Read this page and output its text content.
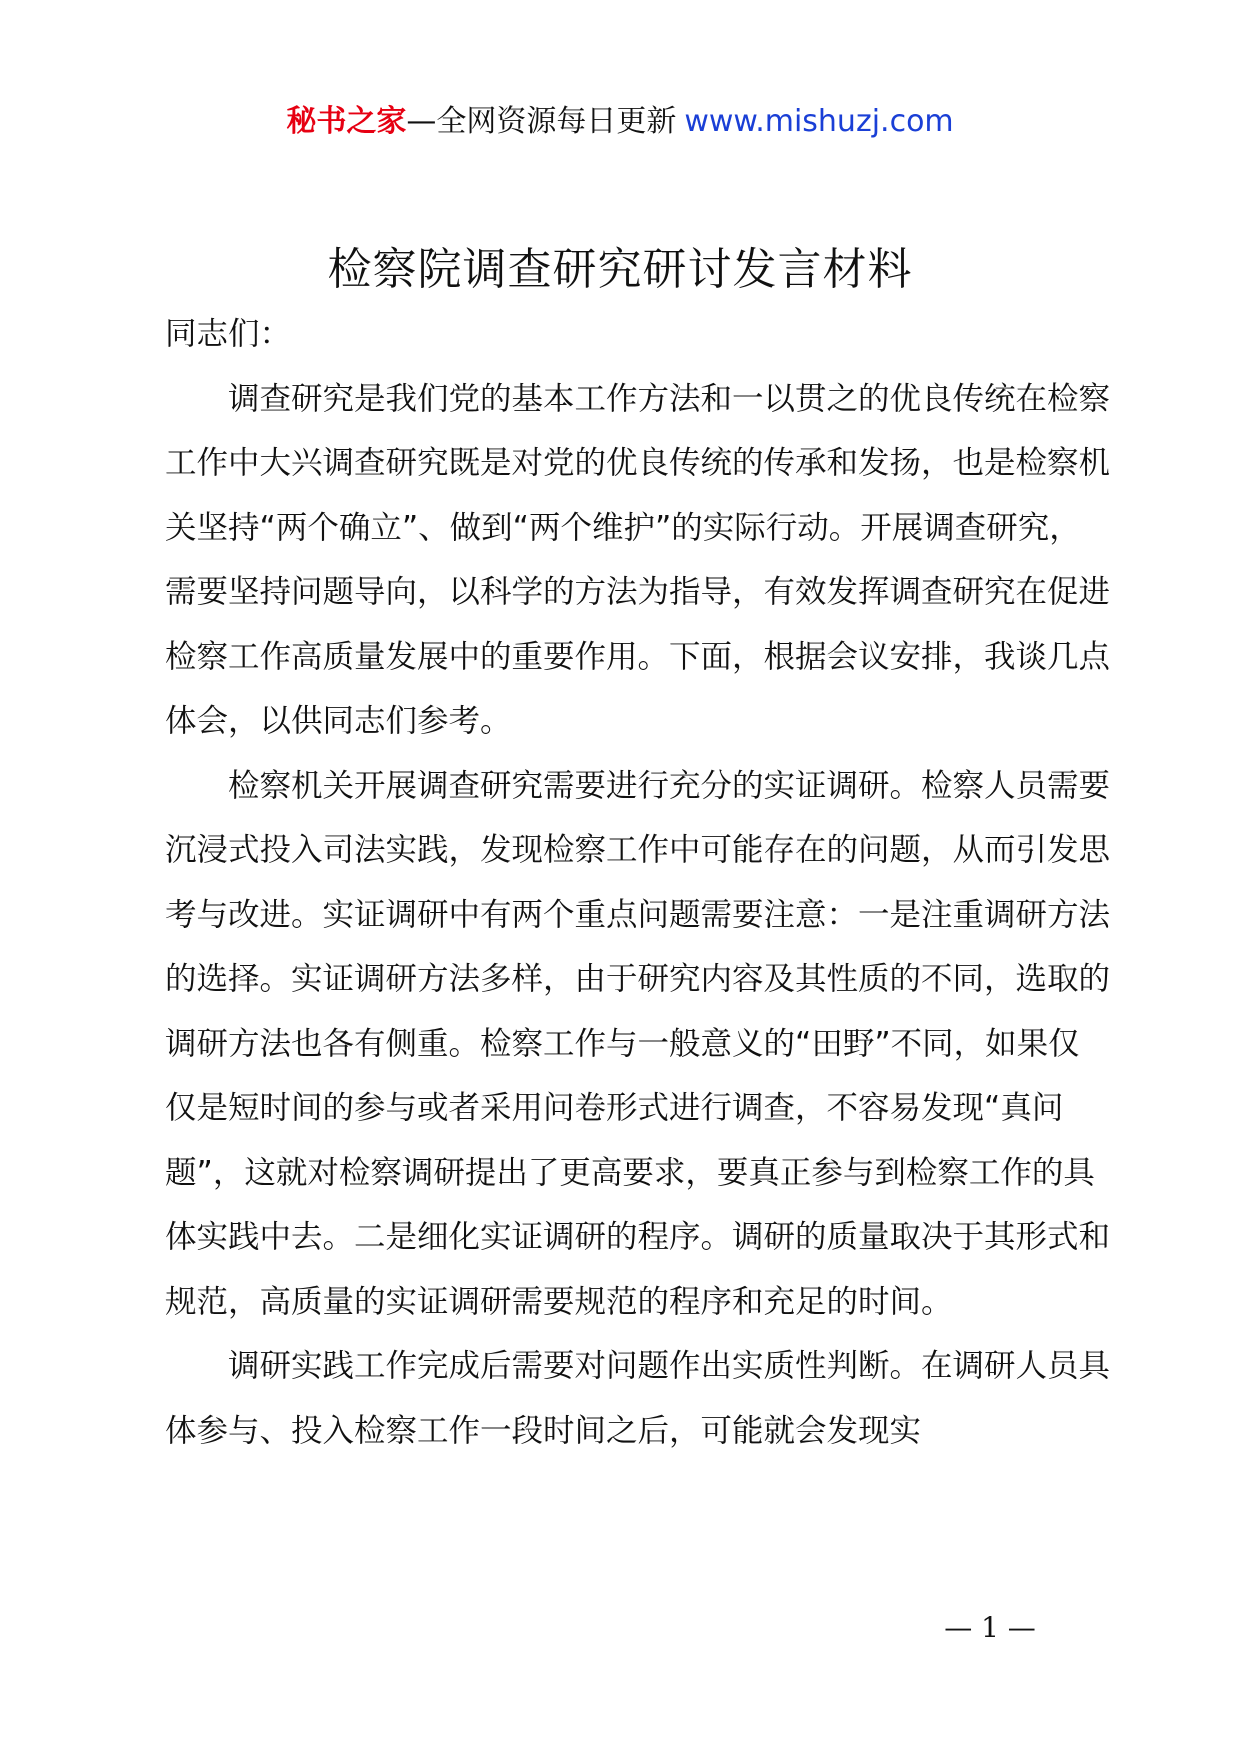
秘书之家—全网资源每日更新 www.mishuzj.com
检察院调查研究研讨发言材料

同志们：

调查研究是我们党的基本工作方法和一以贯之的优良传统在检察工作中大兴调查研究既是对党的优良传统的传承和发扬，也是检察机关坚持“两个确立”、做到“两个维护”的实际行动。开展调查研究，需要坚持问题导向，以科学的方法为指导，有效发挥调查研究在促进检察工作高质量发展中的重要作用。下面，根据会议安排，我谈几点体会，以供同志们参考。

检察机关开展调查研究需要进行充分的实证调研。检察人员需要沉浸式投入司法实践，发现检察工作中可能存在的问题，从而引发思考与改进。实证调研中有两个重点问题需要注意：一是注重调研方法的选择。实证调研方法多样，由于研究内容及其性质的不同，选取的调研方法也各有侧重。检察工作与一般意义的“田野”不同，如果仅仅是短时间的参与或者采用问卷形式进行调查，不容易发现“真问题”，这就对检察调研提出了更高要求，要真正参与到检察工作的具体实践中去。二是细化实证调研的程序。调研的质量取决于其形式和规范，高质量的实证调研需要规范的程序和充足的时间。

调研实践工作完成后需要对问题作出实质性判断。在调研人员具体参与、投入检察工作一段时间之后，可能就会发现实

— 1 —
